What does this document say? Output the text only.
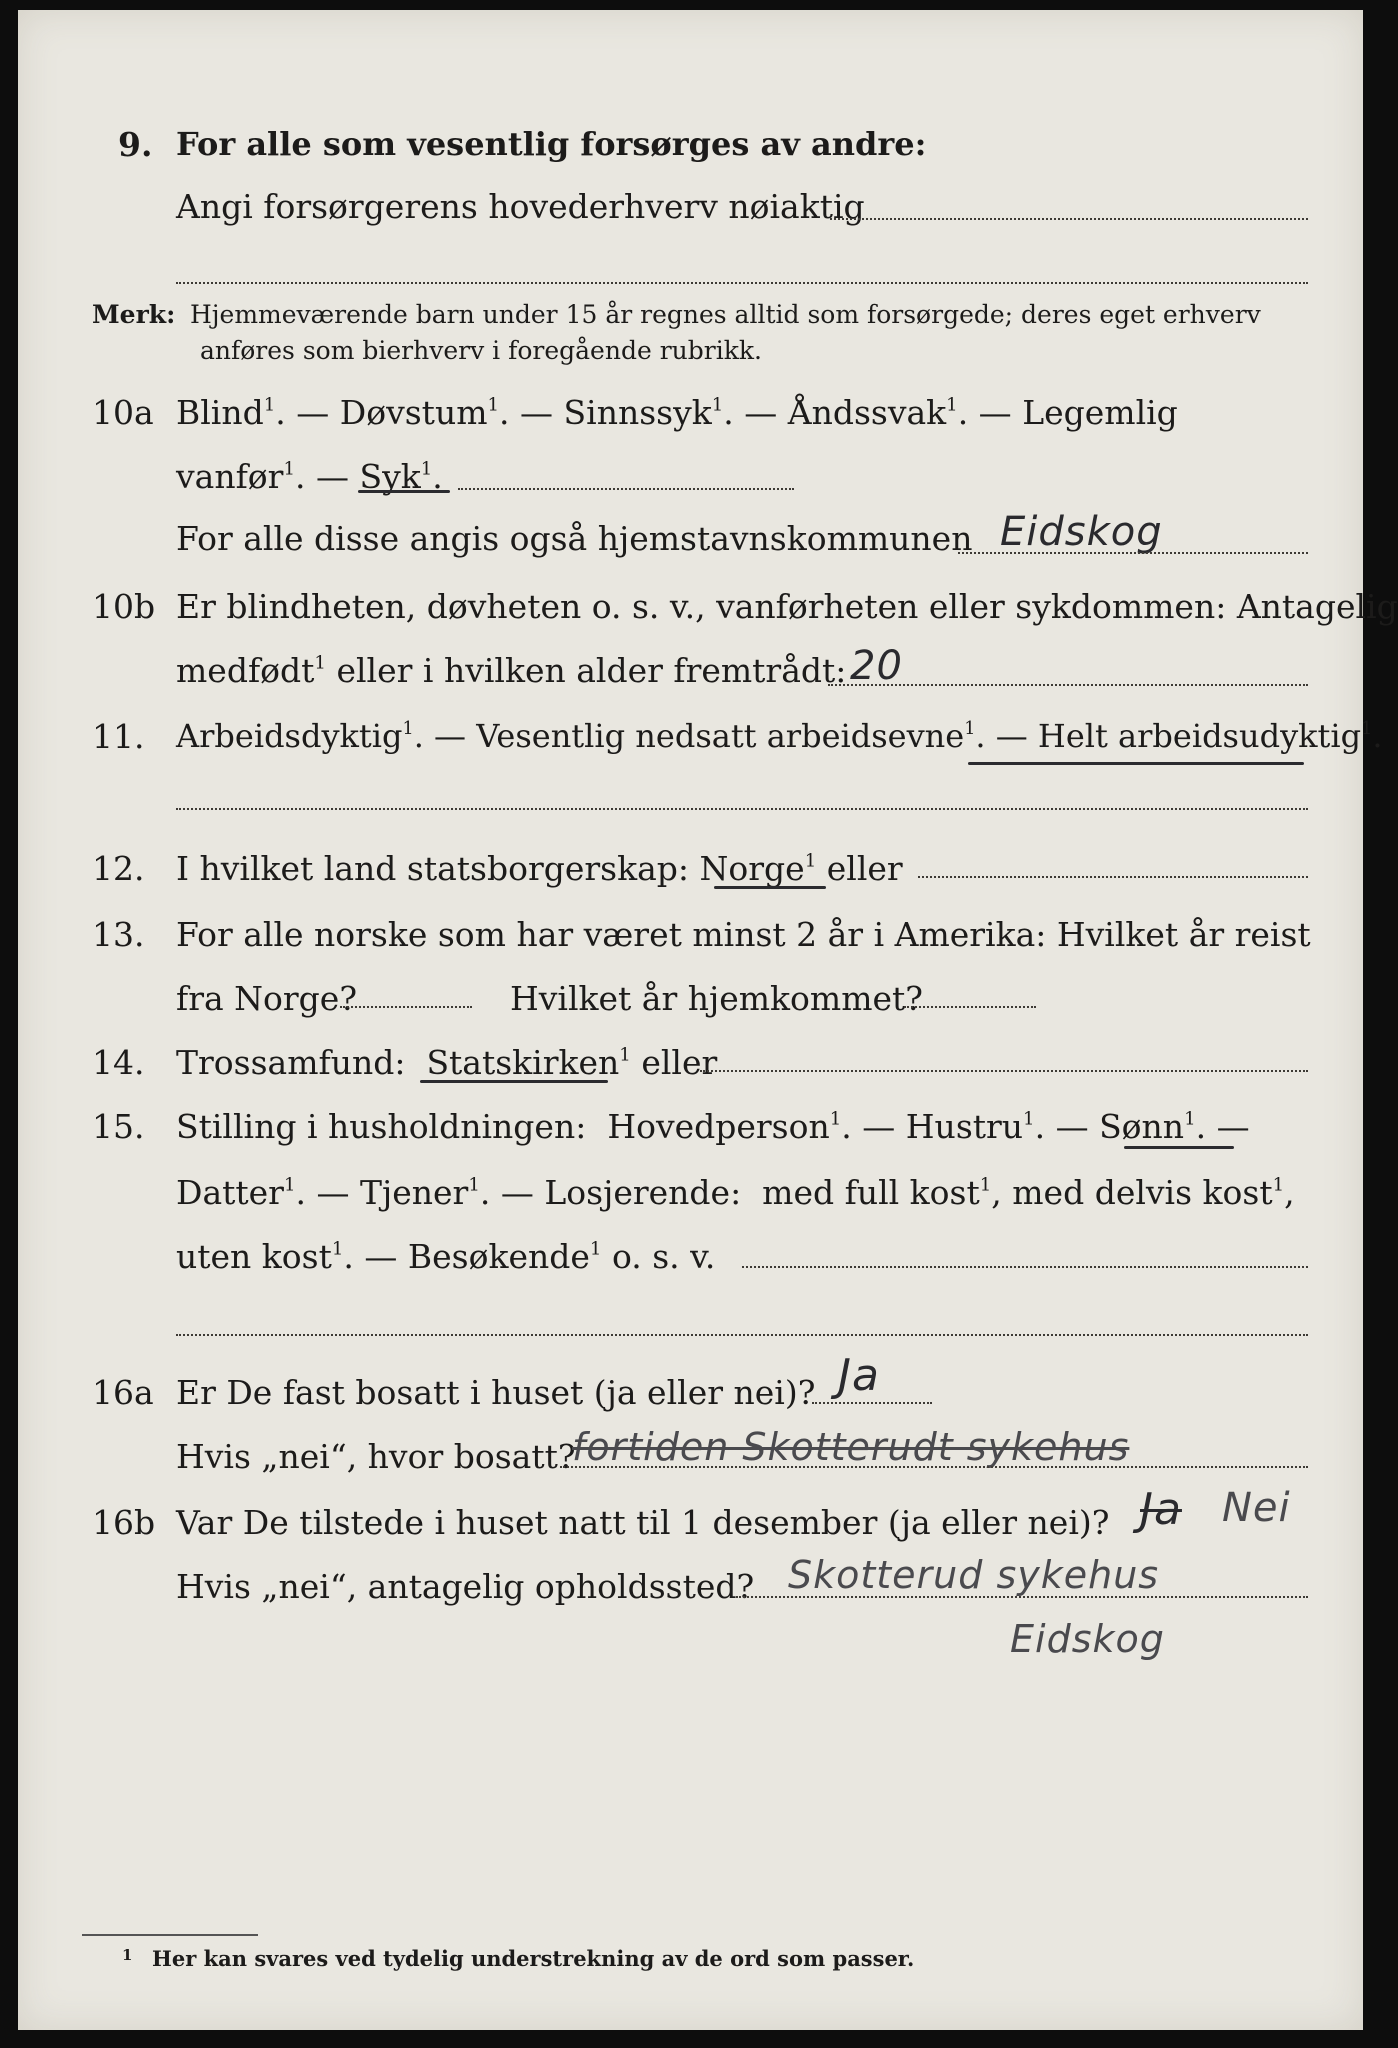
9. For alle som vesentlig forsørges av andre:
Angi forsørgerens hovederhverv nøiaktig
Merk: Hjemmeværende barn under 15 år regnes alltid som forsørgede; deres eget erhverv
anføres som bierhverv i foregående rubrikk.
10a Blind$^1$. — Døvstum$^1$. — Sinnssyk$^1$. — Åndssvak$^1$. — Legemlig
vanfør$^1$. — Syk$^1$.
For alle disse angis også hjemstavnskommunen Eidskog
10b Er blindheten, døvheten o. s. v., vanførheten eller sykdommen: Antagelig
medfødt$^1$ eller i hvilken alder fremtrådt: 20
11. Arbeidsdyktig$^1$. — Vesentlig nedsatt arbeidsevne$^1$. — Helt arbeidsudyktig$^1$.
12. I hvilket land statsborgerskap: Norge$^1$ eller
13. For alle norske som har været minst 2 år i Amerika: Hvilket år reist
fra Norge?	Hvilket år hjemkommet?
14. Trossamfund: Statskirken$^1$ eller
15. Stilling i husholdningen: Hovedperson$^1$. — Hustru$^1$. — Sønn$^1$. —
Datter$^1$. — Tjener$^1$. — Losjerende: med full kost$^1$, med delvis kost$^1$,
uten kost$^1$. — Besøkende$^1$ o. s. v.
16a Er De fast bosatt i huset (ja eller nei)? Ja
Hvis „nei“, hvor bosatt?
fortiden Skotterudt sykehus
16b Var De tilstede i huset natt til 1 desember (ja eller nei)? Ja Nei
Hvis „nei“, antagelig opholdssted? Skotterud sykehus
Eidskog
1 Her kan svares ved tydelig understrekning av de ord som passer.
